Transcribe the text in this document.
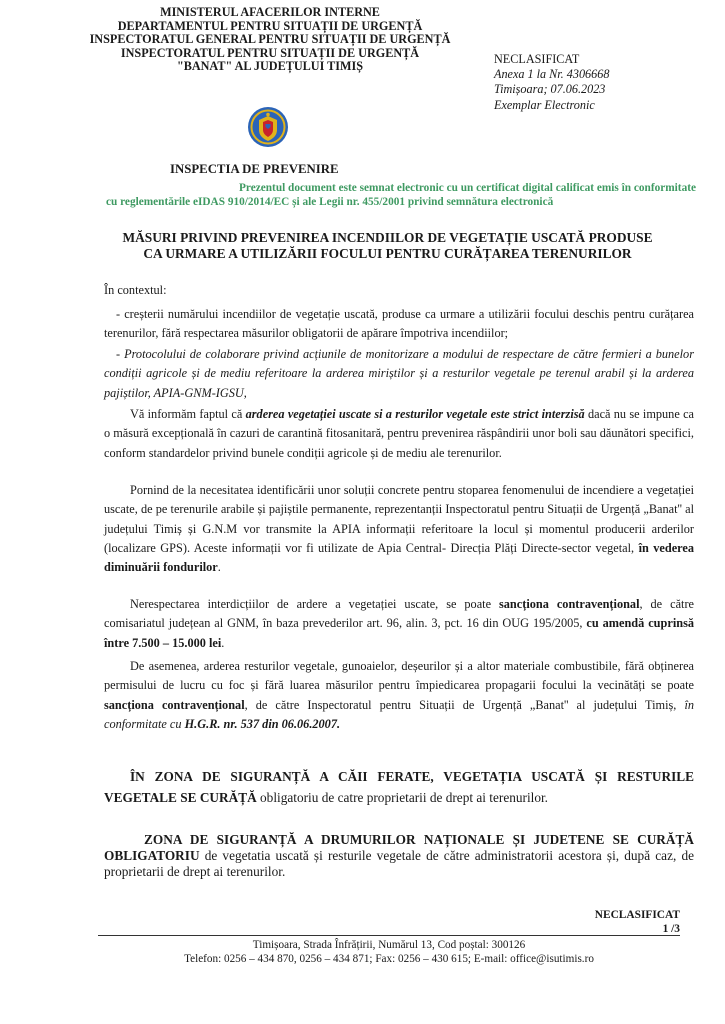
MINISTERUL AFACERILOR INTERNE
DEPARTAMENTUL PENTRU SITUAȚII DE URGENȚĂ
INSPECTORATUL GENERAL PENTRU SITUAȚII DE URGENȚĂ
INSPECTORATUL PENTRU SITUAȚII DE URGENȚĂ
"BANAT" AL JUDEȚULUI TIMIȘ
NECLASIFICAT
Anexa 1 la Nr. 4306668
Timișoara; 07.06.2023
Exemplar Electronic
INSPECTIA DE PREVENIRE
Prezentul document este semnat electronic cu un certificat digital calificat emis în conformitate
cu reglementările eIDAS 910/2014/EC și ale Legii nr. 455/2001 privind semnătura electronică
MĂSURI PRIVIND PREVENIREA INCENDIILOR DE VEGETAȚIE USCATĂ PRODUSE
CA URMARE A UTILIZĂRII FOCULUI PENTRU CURĂȚAREA TERENURILOR
În contextul:
- creșterii numărului incendiilor de vegetație uscată, produse ca urmare a utilizării focului deschis pentru curățarea terenurilor, fără respectarea măsurilor obligatorii de apărare împotriva incendiilor;
- Protocolului de colaborare privind acțiunile de monitorizare a modului de respectare de către fermieri a bunelor condiții agricole și de mediu referitoare la arderea miriștilor și a resturilor vegetale pe terenul arabil și la arderea pajiștilor, APIA-GNM-IGSU,
Vă informăm faptul că arderea vegetației uscate si a resturilor vegetale este strict interzisă dacă nu se impune ca o măsură excepțională în cazuri de carantină fitosanitară, pentru prevenirea răspândirii unor boli sau dăunători specifici, conform standardelor privind bunele condiții agricole și de mediu ale terenurilor.
Pornind de la necesitatea identificării unor soluții concrete pentru stoparea fenomenului de incendiere a vegetației uscate, de pe terenurile arabile și pajiștile permanente, reprezentanții Inspectoratul pentru Situații de Urgență „Banat'' al județului Timiș și G.N.M vor transmite la APIA informații referitoare la locul și momentul producerii arderilor (localizare GPS). Aceste informații vor fi utilizate de Apia Central- Direcția Plăți Directe-sector vegetal, în vederea diminuării fondurilor.
Nerespectarea interdicțiilor de ardere a vegetației uscate, se poate sancționa contravențional, de către comisariatul județean al GNM, în baza prevederilor art. 96, alin. 3, pct. 16 din OUG 195/2005, cu amendă cuprinsă între 7.500 – 15.000 lei.
De asemenea, arderea resturilor vegetale, gunoaielor, deșeurilor și a altor materiale combustibile, fără obținerea permisului de lucru cu foc și fără luarea măsurilor pentru împiedicarea propagarii focului la vecinătăți se poate sancționa contravențional, de către Inspectoratul pentru Situații de Urgență „Banat'' al județului Timiș, în conformitate cu H.G.R. nr. 537 din 06.06.2007.
ÎN ZONA DE SIGURANȚĂ A CĂII FERATE, VEGETAȚIA USCATĂ ȘI RESTURILE VEGETALE SE CURĂȚĂ obligatoriu de catre proprietarii de drept ai terenurilor.
ZONA DE SIGURANȚĂ A DRUMURILOR NAȚIONALE ȘI JUDETENE SE CURĂȚĂ OBLIGATORIU de vegetatia uscată și resturile vegetale de către administratorii acestora și, după caz, de proprietarii de drept ai terenurilor.
NECLASIFICAT
1 /3
Timișoara, Strada Înfrățirii, Numărul 13, Cod poștal: 300126
Telefon: 0256 – 434 870, 0256 – 434 871; Fax: 0256 – 430 615; E-mail: office@isutimis.ro
